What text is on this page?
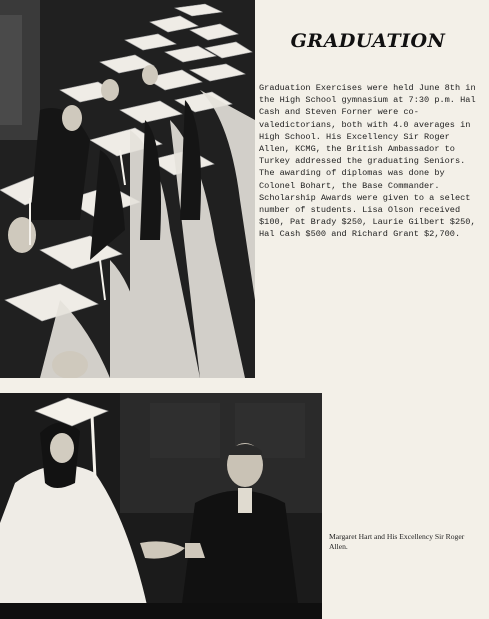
GRADUATION
Graduation Exercises were held June 8th in the High School gymnasium at 7:30 p.m. Hal Cash and Steven Forner were co-valedictorians, both with 4.0 averages in High School. His Excellency Sir Roger Allen, KCMG, the British Ambassador to Turkey addressed the graduating Seniors. The awarding of diplomas was done by Colonel Bohart, the Base Commander. Scholarship Awards were given to a select number of students. Lisa Olson received $100, Pat Brady $250, Laurie Gilbert $250, Hal Cash $500 and Richard Grant $2,700.
Margaret Hart and His Excellency Sir Roger Allen.
